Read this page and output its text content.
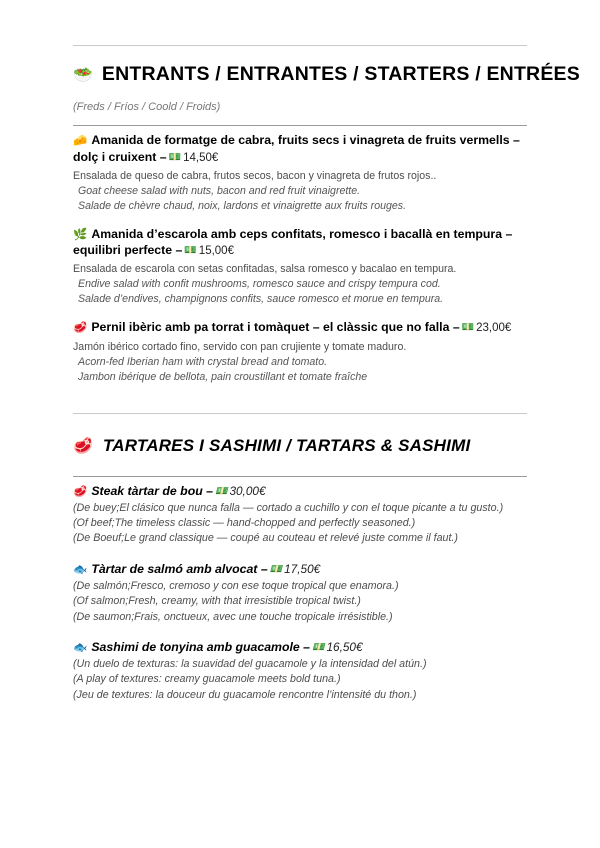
🥗 ENTRANTS / ENTRANTES / STARTERS / ENTRÉES
(Freds / Fríos / Coold / Froids)
🧀 Amanida de formatge de cabra, fruits secs i vinagreta de fruits vermells – dolç i cruixent – 💵 14,50€
Ensalada de queso de cabra, frutos secos, bacon y vinagreta de frutos rojos..
Goat cheese salad with nuts, bacon and red fruit vinaigrette.
Salade de chèvre chaud, noix, lardons et vinaigrette aux fruits rouges.
🌿 Amanida d’escarola amb ceps confitats, romesco i bacallà en tempura – equilibri perfecte – 💵 15,00€
Ensalada de escarola con setas confitadas, salsa romesco y bacalao en tempura.
Endive salad with confit mushrooms, romesco sauce and crispy tempura cod.
Salade d’endives, champignons confits, sauce romesco et morue en tempura.
🥩 Pernil ibèric amb pa torrat i tomàquet – el clàssic que no falla – 💵 23,00€
Jamón ibérico cortado fino, servido con pan crujiente y tomate maduro.
Acorn-fed Iberian ham with crystal bread and tomato.
Jambon ibérique de bellota, pain croustillant et tomate fraîche
🥩 TARTARES I SASHIMI / TARTARS & SASHIMI
🥩 Steak tàrtar de bou – 💵 30,00€
(De buey;El clásico que nunca falla — cortado a cuchillo y con el toque picante a tu gusto.)
(Of beef;The timeless classic — hand-chopped and perfectly seasoned.)
(De Boeuf;Le grand classique — coupé au couteau et relevé juste comme il faut.)
🐟 Tàrtar de salmó amb alvocat – 💵 17,50€
(De salmón;Fresco, cremoso y con ese toque tropical que enamora.)
(Of salmon;Fresh, creamy, with that irresistible tropical twist.)
(De saumon;Frais, onctueux, avec une touche tropicale irrésistible.)
🐟 Sashimi de tonyina amb guacamole – 💵 16,50€
(Un duelo de texturas: la suavidad del guacamole y la intensidad del atún.)
(A play of textures: creamy guacamole meets bold tuna.)
(Jeu de textures: la douceur du guacamole rencontre l’intensité du thon.)
